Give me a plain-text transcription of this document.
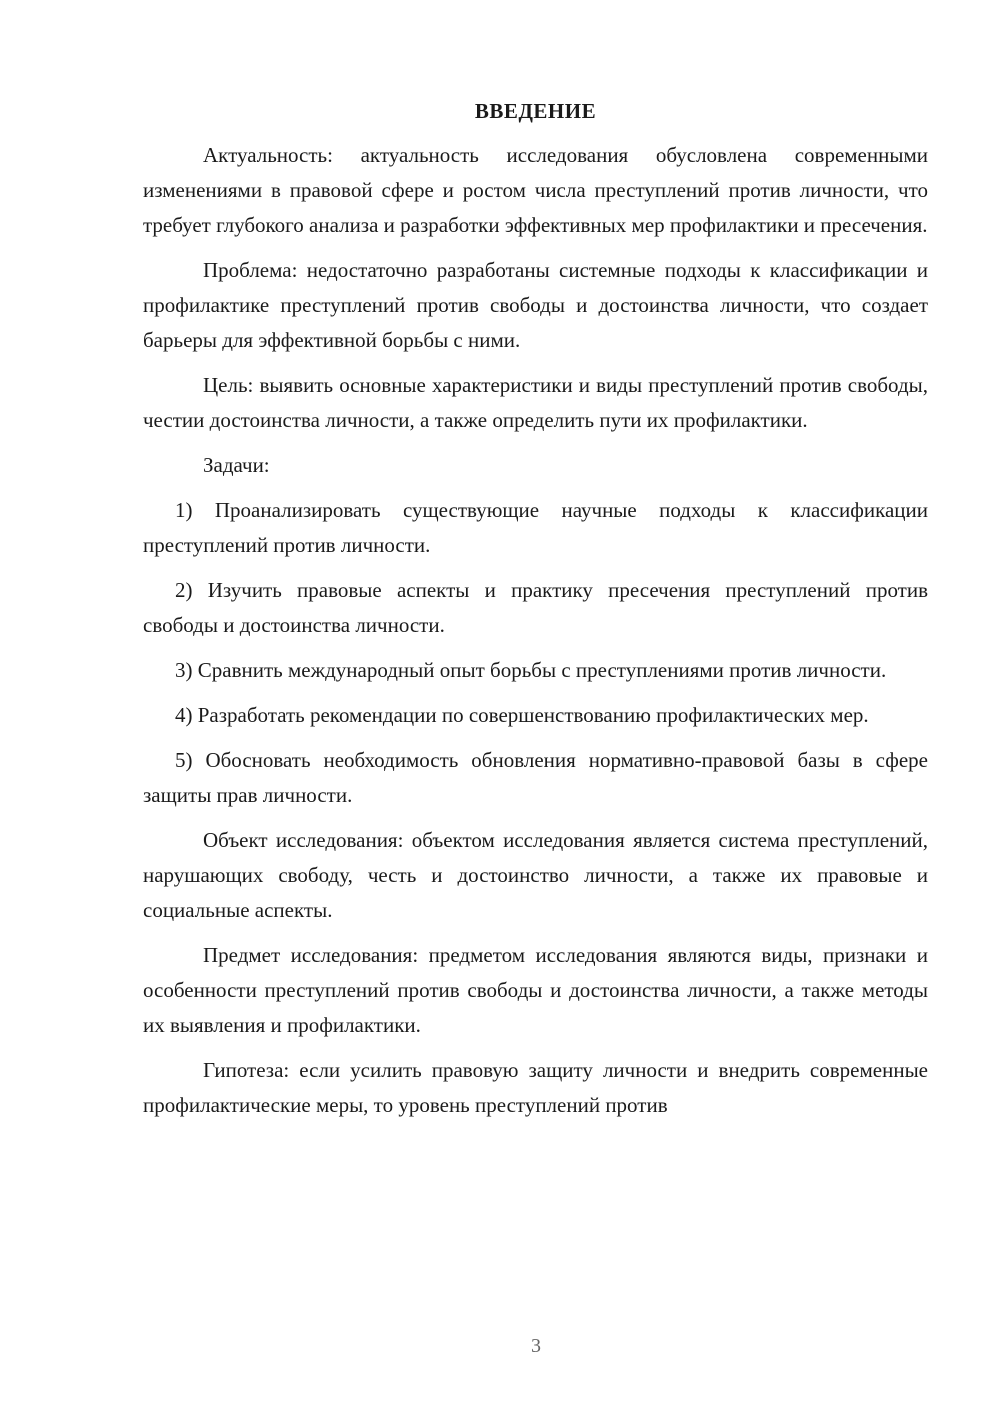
ВВЕДЕНИЕ

Актуальность: актуальность исследования обусловлена современными изменениями в правовой сфере и ростом числа преступлений против личности, что требует глубокого анализа и разработки эффективных мер профилактики и пресечения.

Проблема: недостаточно разработаны системные подходы к классификации и профилактике преступлений против свободы и достоинства личности, что создает барьеры для эффективной борьбы с ними.

Цель: выявить основные характеристики и виды преступлений против свободы, честии достоинства личности, а также определить пути их профилактики.

Задачи:

1) Проанализировать существующие научные подходы к классификации преступлений против личности.

2) Изучить правовые аспекты и практику пресечения преступлений против свободы и достоинства личности.

3) Сравнить международный опыт борьбы с преступлениями против личности.

4) Разработать рекомендации по совершенствованию профилактических мер.

5) Обосновать необходимость обновления нормативно-правовой базы в сфере защиты прав личности.

Объект исследования: объектом исследования является система преступлений, нарушающих свободу, честь и достоинство личности, а также их правовые и социальные аспекты.

Предмет исследования: предметом исследования являются виды, признаки и особенности преступлений против свободы и достоинства личности, а также методы их выявления и профилактики.

Гипотеза: если усилить правовую защиту личности и внедрить современные профилактические меры, то уровень преступлений против

3
